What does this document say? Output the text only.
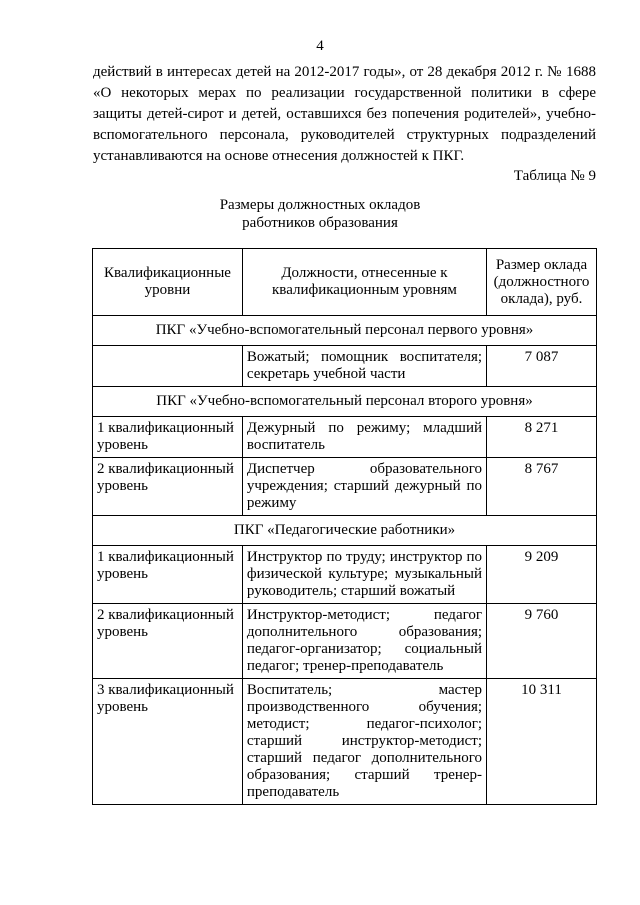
4

действий в интересах детей на 2012-2017 годы», от 28 декабря 2012 г. № 1688 «О некоторых мерах по реализации государственной политики в сфере защиты детей-сирот и детей, оставшихся без попечения родителей», учебно-вспомогательного персонала, руководителей структурных подразделений устанавливаются на основе отнесения должностей к ПКГ.

Таблица № 9
Размеры должностных окладов
работников образования
Квалификационные уровни	Должности, отнесенные к квалификационным уровням	Размер оклада (должностного оклада), руб.
ПКГ «Учебно-вспомогательный персонал первого уровня»		
	Вожатый; помощник воспитателя; секретарь учебной части	7 087
ПКГ «Учебно-вспомогательный персонал второго уровня»		
1 квалификационный уровень	Дежурный по режиму; младший воспитатель	8 271
2 квалификационный уровень	Диспетчер образовательного учреждения; старший дежурный по режиму	8 767
ПКГ «Педагогические работники»		
1 квалификационный уровень	Инструктор по труду; инструктор по физической культуре; музыкальный руководитель; старший вожатый	9 209
2 квалификационный уровень	Инструктор-методист; педагог дополнительного образования; педагог-организатор; социальный педагог; тренер-преподаватель	9 760
3 квалификационный уровень	Воспитатель; мастер производственного обучения; методист; педагог-психолог; старший инструктор-методист; старший педагог дополнительного образования; старший тренер-преподаватель	10 311
